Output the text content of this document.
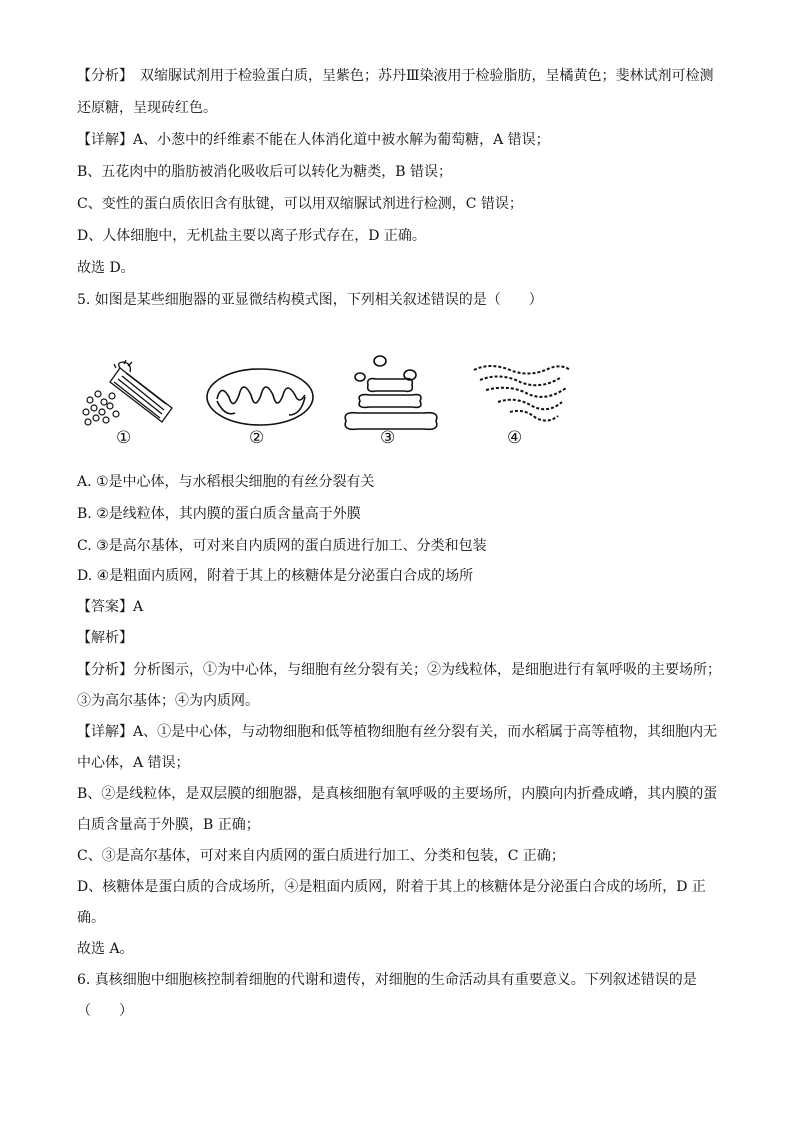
【分析】　双缩脲试剂用于检验蛋白质，呈紫色；苏丹Ⅲ染液用于检验脂肪，呈橘黄色；斐林试剂可检测
还原糖，呈现砖红色。
【详解】A、小葱中的纤维素不能在人体消化道中被水解为葡萄糖，A 错误；
B、五花肉中的脂肪被消化吸收后可以转化为糖类，B 错误；
C、变性的蛋白质依旧含有肽键，可以用双缩脲试剂进行检测，C 错误；
D、人体细胞中，无机盐主要以离子形式存在，D 正确。
故选 D。
5. 如图是某些细胞器的亚显微结构模式图，下列相关叙述错误的是（　　）
①	②	③	④
A. ①是中心体，与水稻根尖细胞的有丝分裂有关
B. ②是线粒体，其内膜的蛋白质含量高于外膜
C. ③是高尔基体，可对来自内质网的蛋白质进行加工、分类和包装
D. ④是粗面内质网，附着于其上的核糖体是分泌蛋白合成的场所
【答案】A
【解析】
【分析】分析图示，①为中心体，与细胞有丝分裂有关；②为线粒体，是细胞进行有氧呼吸的主要场所；
③为高尔基体；④为内质网。
【详解】A、①是中心体，与动物细胞和低等植物细胞有丝分裂有关，而水稻属于高等植物，其细胞内无
中心体，A 错误；
B、②是线粒体，是双层膜的细胞器，是真核细胞有氧呼吸的主要场所，内膜向内折叠成嵴，其内膜的蛋
白质含量高于外膜，B 正确；
C、③是高尔基体，可对来自内质网的蛋白质进行加工、分类和包装，C 正确；
D、核糖体是蛋白质的合成场所，④是粗面内质网，附着于其上的核糖体是分泌蛋白合成的场所，D 正
确。
故选 A。
6. 真核细胞中细胞核控制着细胞的代谢和遗传，对细胞的生命活动具有重要意义。下列叙述错误的是
（　　）
